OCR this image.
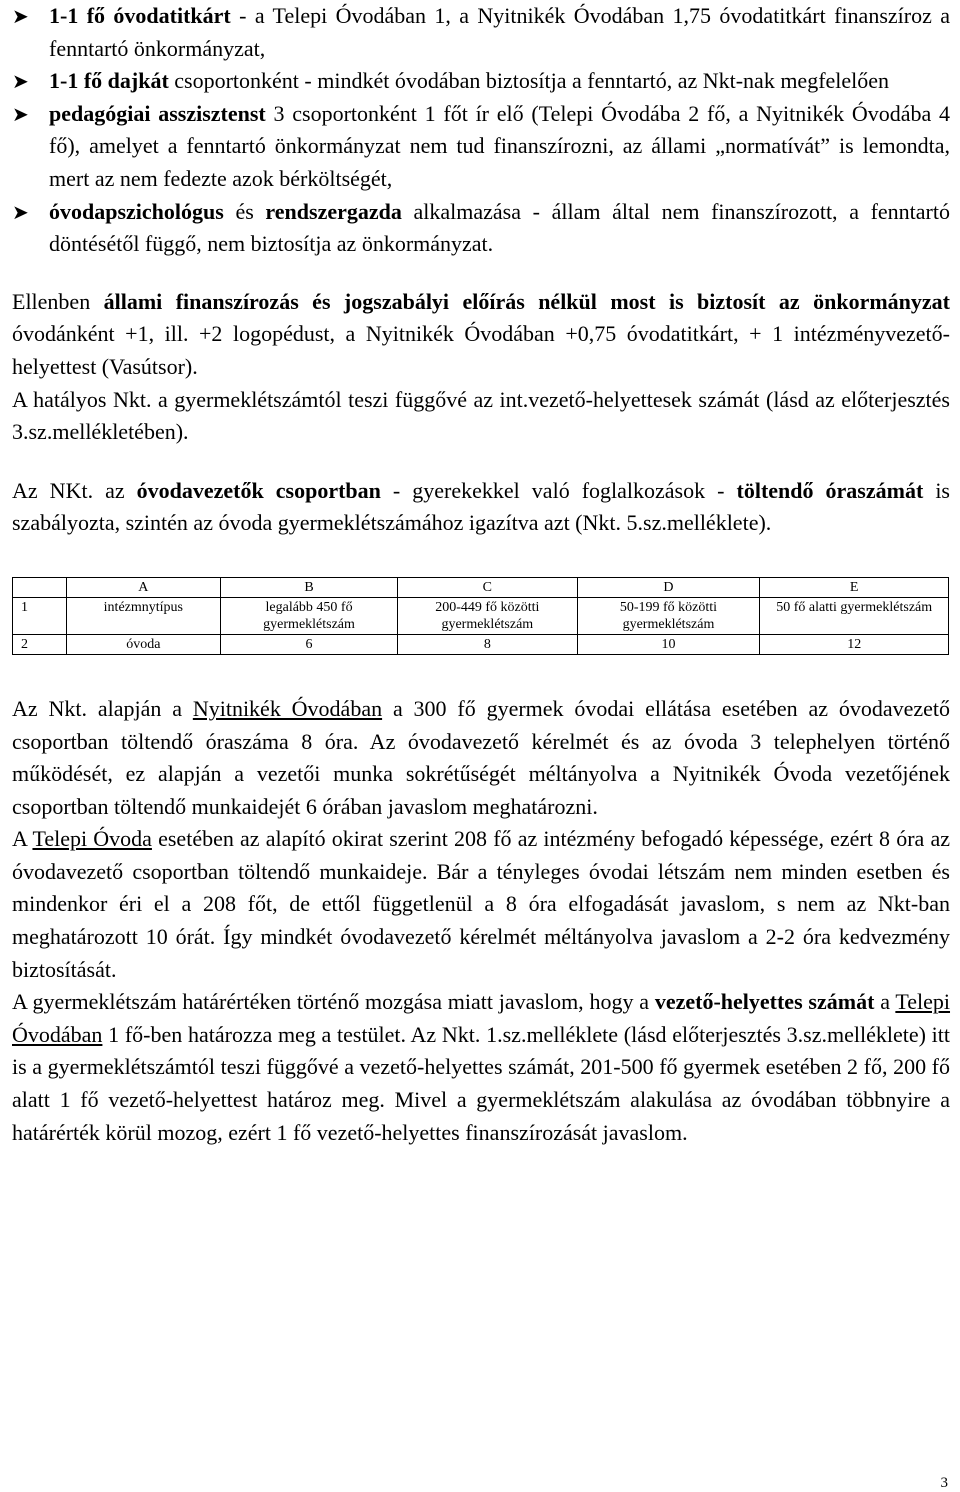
➤ 1-1 fő óvodatitkárt - a Telepi Óvodában 1, a Nyitnikék Óvodában 1,75 óvodatitkárt finanszíroz a fenntartó önkormányzat,
➤ 1-1 fő dajkát csoportonként - mindkét óvodában biztosítja a fenntartó, az Nkt-nak megfelelően
➤ pedagógiai asszisztenst 3 csoportonként 1 főt ír elő (Telepi Óvodába 2 fő, a Nyitnikék Óvodába 4 fő), amelyet a fenntartó önkormányzat nem tud finanszírozni, az állami „normatívát” is lemondta, mert az nem fedezte azok bérköltségét,
➤ óvodapszichológus és rendszergazda alkalmazása - állam által nem finanszírozott, a fenntartó döntésétől függő, nem biztosítja az önkormányzat.

Ellenben állami finanszírozás és jogszabályi előírás nélkül most is biztosít az önkormányzat óvodánként +1, ill. +2 logopédust, a Nyitnikék Óvodában +0,75 óvodatitkárt, + 1 intézményvezető-helyettest (Vasútsor).

A hatályos Nkt. a gyermeklétszámtól teszi függővé az int.vezető-helyettesek számát (lásd az előterjesztés 3.sz.mellékletében).

Az NKt. az óvodavezetők csoportban - gyerekekkel való foglalkozások - töltendő óraszámát is szabályozta, szintén az óvoda gyermeklétszámához igazítva azt (Nkt. 5.sz.melléklete).

	A	B	C	D	E
1	intézmnytípus	legalább 450 fő gyermeklétszám	200-449 fő közötti gyermeklétszám	50-199 fő közötti gyermeklétszám	50 fő alatti gyermeklétszám
2	óvoda	6	8	10	12

Az Nkt. alapján a Nyitnikék Óvodában a 300 fő gyermek óvodai ellátása esetében az óvodavezető csoportban töltendő óraszáma 8 óra. Az óvodavezető kérelmét és az óvoda 3 telephelyen történő működését, ez alapján a vezetői munka sokrétűségét méltányolva a Nyitnikék Óvoda vezetőjének csoportban töltendő munkaidejét 6 órában javaslom meghatározni.

A Telepi Óvoda esetében az alapító okirat szerint 208 fő az intézmény befogadó képessége, ezért 8 óra az óvodavezető csoportban töltendő munkaideje. Bár a tényleges óvodai létszám nem minden esetben és mindenkor éri el a 208 főt, de ettől függetlenül a 8 óra elfogadását javaslom, s nem az Nkt-ban meghatározott 10 órát. Így mindkét óvodavezető kérelmét méltányolva javaslom a 2-2 óra kedvezmény biztosítását.

A gyermeklétszám határértéken történő mozgása miatt javaslom, hogy a vezető-helyettes számát a Telepi Óvodában 1 fő-ben határozza meg a testület. Az Nkt. 1.sz.melléklete (lásd előterjesztés 3.sz.melléklete) itt is a gyermeklétszámtól teszi függővé a vezető-helyettes számát, 201-500 fő gyermek esetében 2 fő, 200 fő alatt 1 fő vezető-helyettest határoz meg. Mivel a gyermeklétszám alakulása az óvodában többnyire a határérték körül mozog, ezért 1 fő vezető-helyettes finanszírozását javaslom.

3
